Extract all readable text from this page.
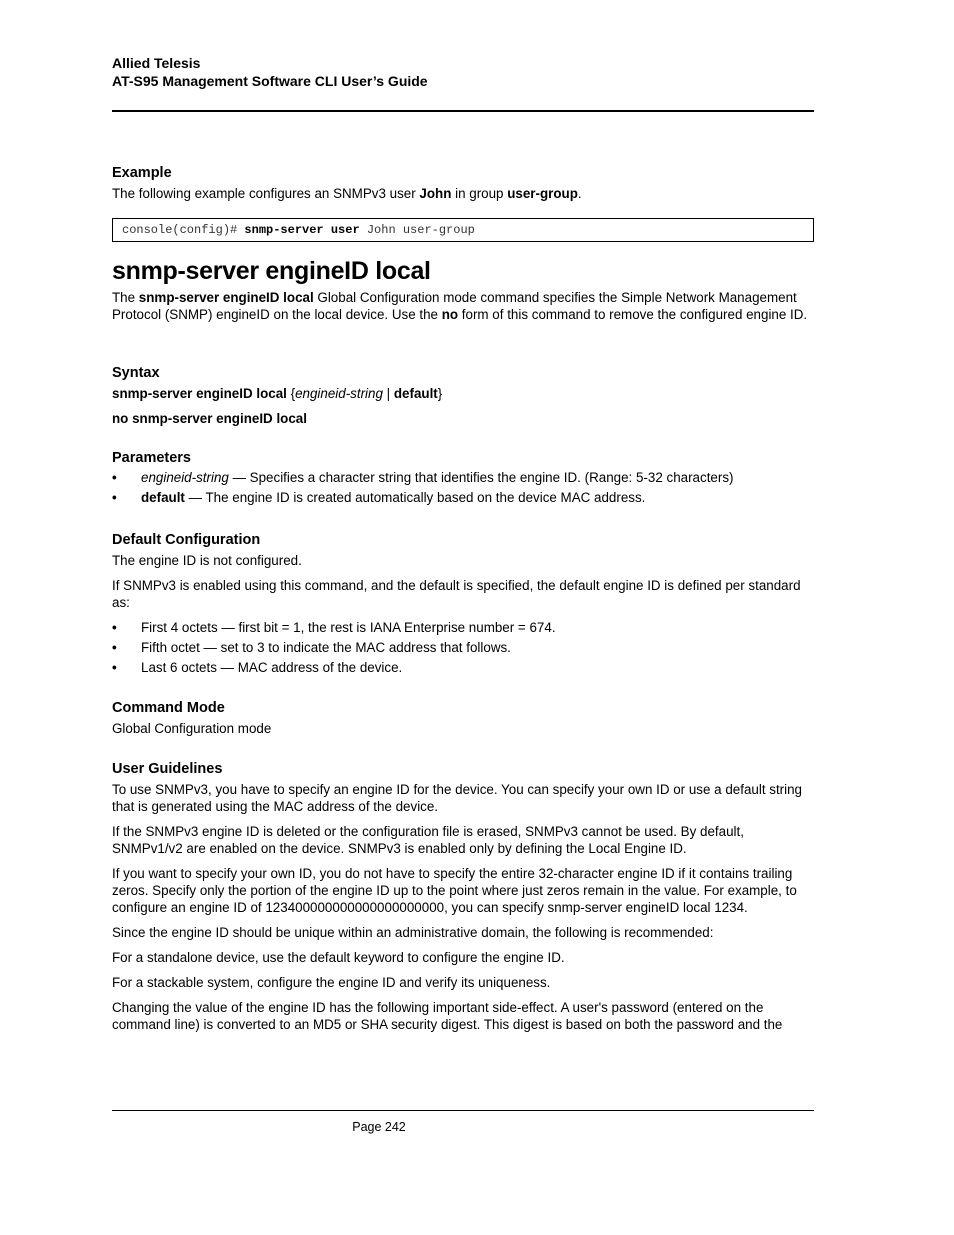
Allied Telesis
AT-S95 Management Software CLI User’s Guide
Example

The following example configures an SNMPv3 user John in group user-group.

console(config)# snmp-server user John user-group
snmp-server engineID local

The snmp-server engineID local Global Configuration mode command specifies the Simple Network Management Protocol (SNMP) engineID on the local device. Use the no form of this command to remove the configured engine ID.

Syntax

snmp-server engineID local {engineid-string | default}

no snmp-server engineID local

Parameters
• engineid-string — Specifies a character string that identifies the engine ID. (Range: 5-32 characters)
• default — The engine ID is created automatically based on the device MAC address.
Default Configuration

The engine ID is not configured.

If SNMPv3 is enabled using this command, and the default is specified, the default engine ID is defined per standard as:

• First 4 octets — first bit = 1, the rest is IANA Enterprise number = 674.
• Fifth octet — set to 3 to indicate the MAC address that follows.
• Last 6 octets — MAC address of the device.
Command Mode

Global Configuration mode

User Guidelines

To use SNMPv3, you have to specify an engine ID for the device. You can specify your own ID or use a default string that is generated using the MAC address of the device.

If the SNMPv3 engine ID is deleted or the configuration file is erased, SNMPv3 cannot be used. By default, SNMPv1/v2 are enabled on the device. SNMPv3 is enabled only by defining the Local Engine ID.

If you want to specify your own ID, you do not have to specify the entire 32-character engine ID if it contains trailing zeros. Specify only the portion of the engine ID up to the point where just zeros remain in the value. For example, to configure an engine ID of 123400000000000000000000, you can specify snmp-server engineID local 1234.

Since the engine ID should be unique within an administrative domain, the following is recommended:

For a standalone device, use the default keyword to configure the engine ID.

For a stackable system, configure the engine ID and verify its uniqueness.

Changing the value of the engine ID has the following important side-effect. A user's password (entered on the command line) is converted to an MD5 or SHA security digest. This digest is based on both the password and the

Page 242
